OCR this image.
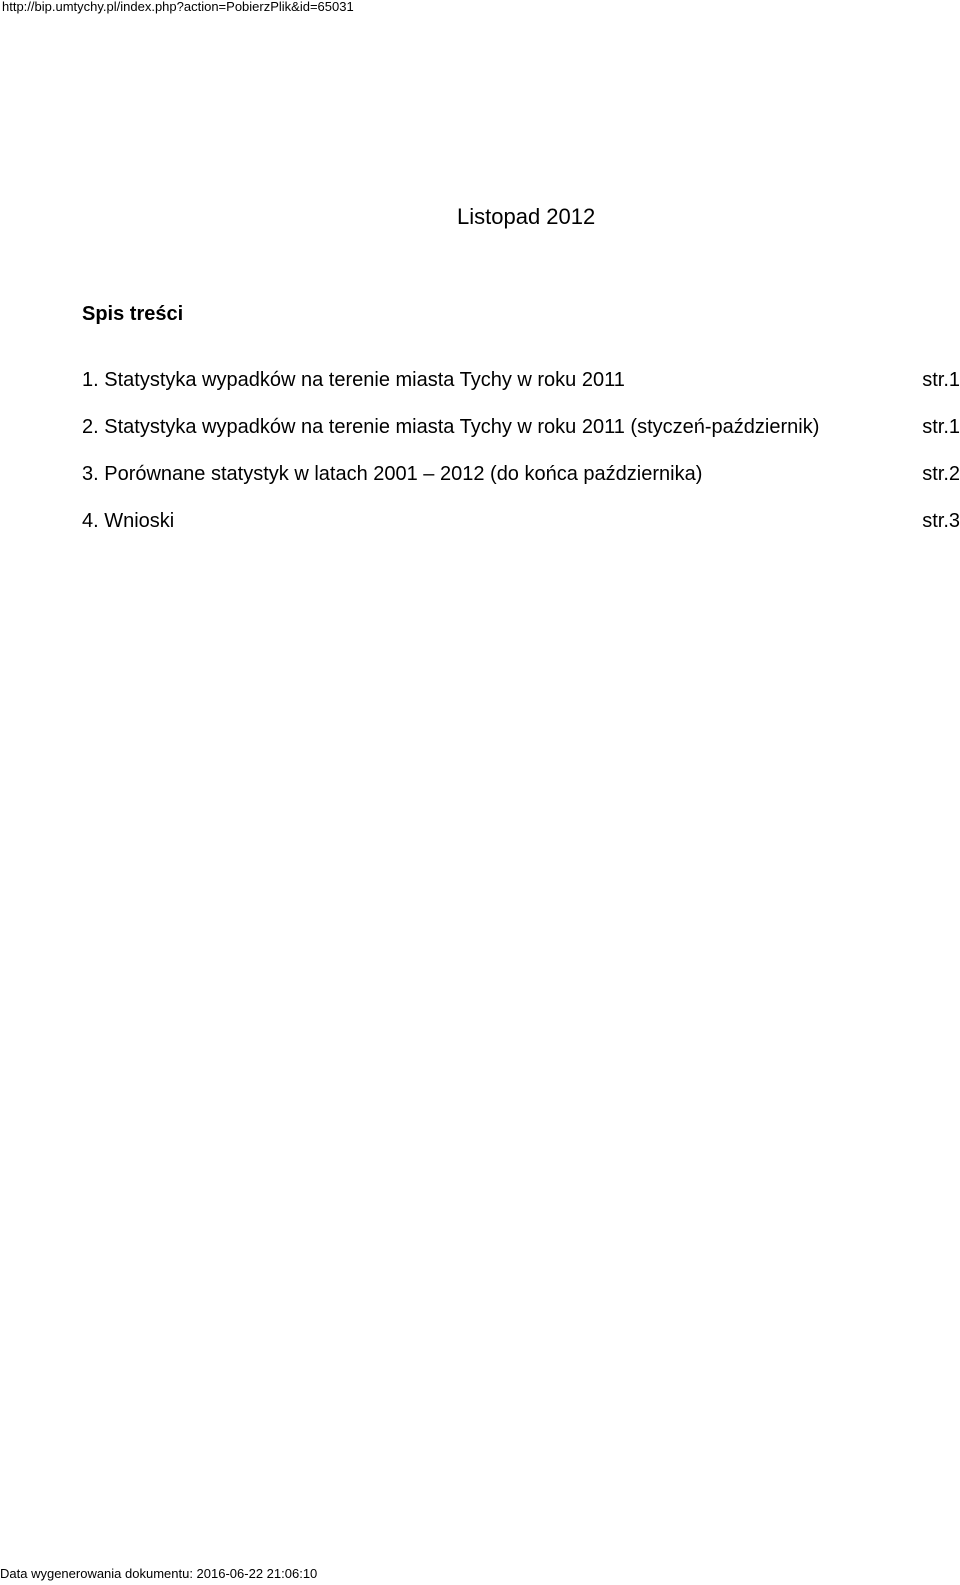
http://bip.umtychy.pl/index.php?action=PobierzPlik&id=65031
Listopad 2012
Spis treści
1. Statystyka wypadków na terenie miasta Tychy w roku 2011	str.1
2. Statystyka wypadków na terenie miasta Tychy w roku 2011 (styczeń-październik)	str.1
3. Porównane statystyk w latach 2001 – 2012 (do końca października)	str.2
4. Wnioski	str.3
Data wygenerowania dokumentu: 2016-06-22 21:06:10
